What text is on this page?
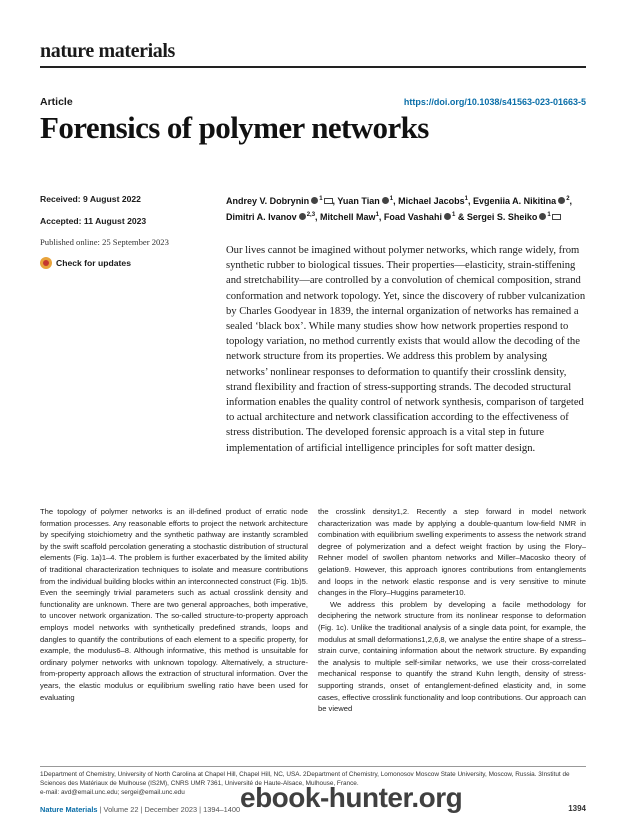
nature materials
Article	https://doi.org/10.1038/s41563-023-01663-5
Forensics of polymer networks
Received: 9 August 2022
Accepted: 11 August 2023
Published online: 25 September 2023
Check for updates
Andrey V. Dobrynin $^1$ , Yuan Tian $^1$, Michael Jacobs$^1$, Evgeniia A. Nikitina $^2$, Dimitri A. Ivanov $^{2,3}$, Mitchell Maw$^1$, Foad Vashahi $^1$ & Sergei S. Sheiko $^1$

Our lives cannot be imagined without polymer networks, which range widely, from synthetic rubber to biological tissues. Their properties—elasticity, strain-stiffening and stretchability—are controlled by a convolution of chemical composition, strand conformation and network topology. Yet, since the discovery of rubber vulcanization by Charles Goodyear in 1839, the internal organization of networks has remained a sealed ‘black box’. While many studies show how network properties respond to topology variation, no method currently exists that would allow the decoding of the network structure from its properties. We address this problem by analysing networks’ nonlinear responses to deformation to quantify their crosslink density, strand flexibility and fraction of stress-supporting strands. The decoded structural information enables the quality control of network synthesis, comparison of targeted to actual architecture and network classification according to the effectiveness of stress distribution. The developed forensic approach is a vital step in future implementation of artificial intelligence principles for soft matter design.

The topology of polymer networks is an ill-defined product of erratic node formation processes. Any reasonable efforts to project the network architecture by specifying stoichiometry and the synthetic pathway are instantly scrambled by the swift scaffold percolation generating a stochastic distribution of structural elements (Fig. 1a)1–4. The problem is further exacerbated by the limited ability of traditional characterization techniques to isolate and measure contributions from the individual building blocks within an interconnected construct (Fig. 1b)5. Even the seemingly trivial parameters such as actual crosslink density and functionality are unknown. There are two general approaches, both imperative, to uncover network organization. The so-called structure-to-property approach employs model networks with synthetically predefined strands, loops and dangles to quantify the contributions of each element to a specific property, for example, the modulus6–8. Although informative, this method is unsuitable for ordinary polymer networks with unknown topology. Alternatively, a structure-from-property approach allows the extraction of structural information. Over the years, the elastic modulus or equilibrium swelling ratio have been used for evaluating

the crosslink density1,2. Recently a step forward in model network characterization was made by applying a double-quantum low-field NMR in combination with equilibrium swelling experiments to assess the network strand degree of polymerization and a defect weight fraction by using the Flory–Rehner model of swollen phantom networks and Miller–Macosko theory of gelation9. However, this approach ignores contributions from entanglements and loops in the network elastic response and is very sensitive to minute changes in the Flory–Huggins parameter10.

We address this problem by developing a facile methodology for deciphering the network structure from its nonlinear response to deformation (Fig. 1c). Unlike the traditional analysis of a single data point, for example, the modulus at small deformations1,2,6,8, we analyse the entire shape of a stress–strain curve, containing information about the network structure. By expanding the analysis to multiple self-similar networks, we use their cross-correlated mechanical response to quantify the strand Kuhn length, density of stress-supporting strands, onset of entanglement-defined elasticity and, in some cases, effective crosslink functionality and loop contributions. Our approach can be viewed

1Department of Chemistry, University of North Carolina at Chapel Hill, Chapel Hill, NC, USA. 2Department of Chemistry, Lomonosov Moscow State University, Moscow, Russia. 3Institut de Sciences des Matériaux de Mulhouse (IS2M), CNRS UMR 7361, Université de Haute-Alsace, Mulhouse, France.
e-mail: avd@email.unc.edu; sergei@email.unc.edu	ebook-hunter.org
Nature Materials | Volume 22 | December 2023 | 1394–1400	1394
